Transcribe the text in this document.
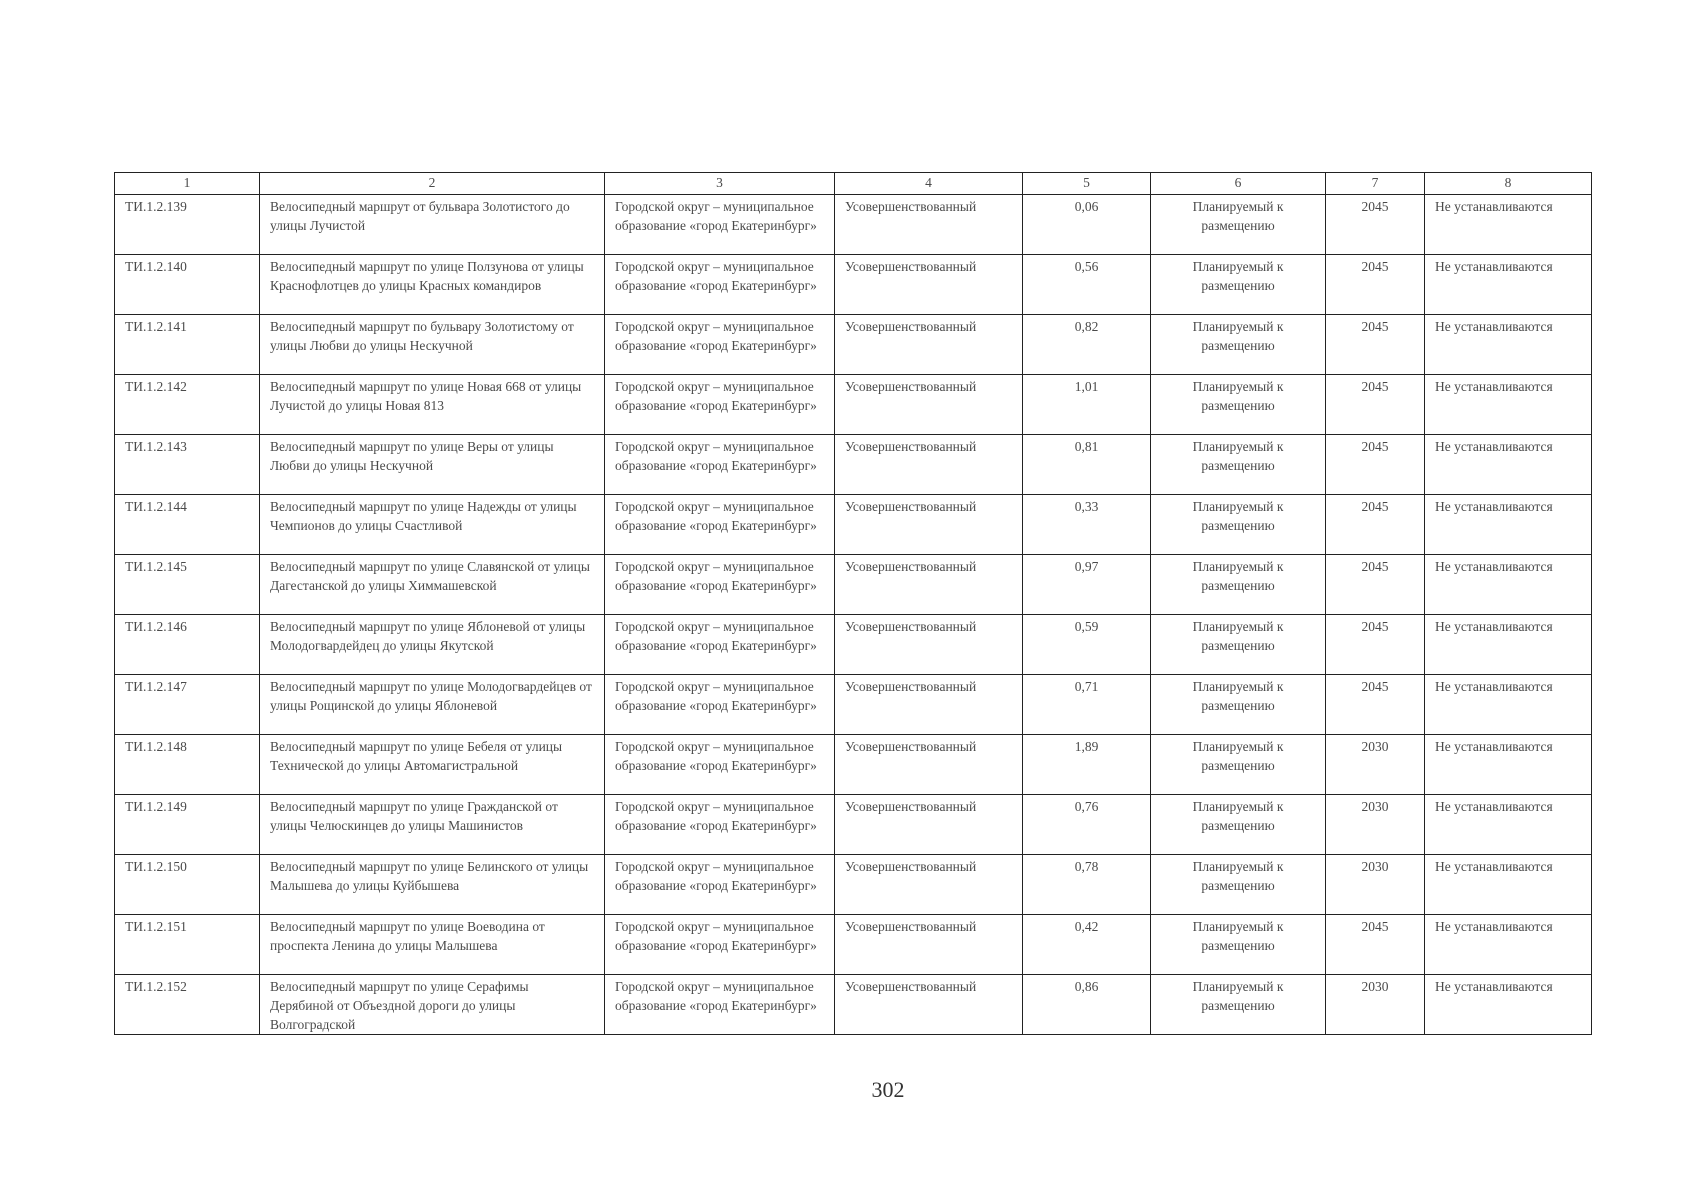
1	2	3	4	5	6	7	8

ТИ.1.2.139	Велосипедный маршрут от бульвара Золотистого до улицы Лучистой	Городской округ – муниципальное образование «город Екатеринбург»	Усовершенствованный	0,06	Планируемый к размещению	2045	Не устанавливаются

ТИ.1.2.140	Велосипедный маршрут по улице Ползунова от улицы Краснофлотцев до улицы Красных командиров	Городской округ – муниципальное образование «город Екатеринбург»	Усовершенствованный	0,56	Планируемый к размещению	2045	Не устанавливаются

ТИ.1.2.141	Велосипедный маршрут по бульвару Золотистому от улицы Любви до улицы Нескучной	Городской округ – муниципальное образование «город Екатеринбург»	Усовершенствованный	0,82	Планируемый к размещению	2045	Не устанавливаются

ТИ.1.2.142	Велосипедный маршрут по улице Новая 668 от улицы Лучистой до улицы Новая 813	Городской округ – муниципальное образование «город Екатеринбург»	Усовершенствованный	1,01	Планируемый к размещению	2045	Не устанавливаются

ТИ.1.2.143	Велосипедный маршрут по улице Веры от улицы Любви до улицы Нескучной	Городской округ – муниципальное образование «город Екатеринбург»	Усовершенствованный	0,81	Планируемый к размещению	2045	Не устанавливаются

ТИ.1.2.144	Велосипедный маршрут по улице Надежды от улицы Чемпионов до улицы Счастливой	Городской округ – муниципальное образование «город Екатеринбург»	Усовершенствованный	0,33	Планируемый к размещению	2045	Не устанавливаются

ТИ.1.2.145	Велосипедный маршрут по улице Славянской от улицы Дагестанской до улицы Химмашевской	Городской округ – муниципальное образование «город Екатеринбург»	Усовершенствованный	0,97	Планируемый к размещению	2045	Не устанавливаются

ТИ.1.2.146	Велосипедный маршрут по улице Яблоневой от улицы Молодогвардейдец до улицы Якутской	Городской округ – муниципальное образование «город Екатеринбург»	Усовершенствованный	0,59	Планируемый к размещению	2045	Не устанавливаются

ТИ.1.2.147	Велосипедный маршрут по улице Молодогвардейцев от улицы Рощинской до улицы Яблоневой	Городской округ – муниципальное образование «город Екатеринбург»	Усовершенствованный	0,71	Планируемый к размещению	2045	Не устанавливаются

ТИ.1.2.148	Велосипедный маршрут по улице Бебеля от улицы Технической до улицы Автомагистральной	Городской округ – муниципальное образование «город Екатеринбург»	Усовершенствованный	1,89	Планируемый к размещению	2030	Не устанавливаются

ТИ.1.2.149	Велосипедный маршрут по улице Гражданской от улицы Челюскинцев до улицы Машинистов	Городской округ – муниципальное образование «город Екатеринбург»	Усовершенствованный	0,76	Планируемый к размещению	2030	Не устанавливаются

ТИ.1.2.150	Велосипедный маршрут по улице Белинского от улицы Малышева до улицы Куйбышева	Городской округ – муниципальное образование «город Екатеринбург»	Усовершенствованный	0,78	Планируемый к размещению	2030	Не устанавливаются

ТИ.1.2.151	Велосипедный маршрут по улице Воеводина от проспекта Ленина до улицы Малышева	Городской округ – муниципальное образование «город Екатеринбург»	Усовершенствованный	0,42	Планируемый к размещению	2045	Не устанавливаются

ТИ.1.2.152	Велосипедный маршрут по улице Серафимы Дерябиной от Объездной дороги до улицы Волгоградской	Городской округ – муниципальное образование «город Екатеринбург»	Усовершенствованный	0,86	Планируемый к размещению	2030	Не устанавливаются
302
